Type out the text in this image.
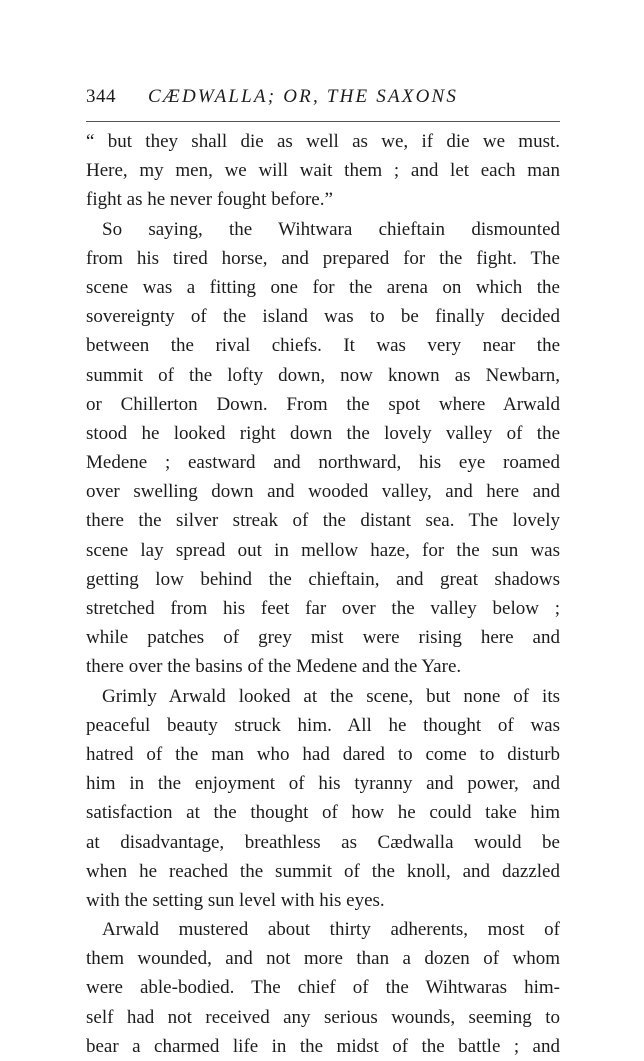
344 CÆDWALLA; OR, THE SAXONS
“ but they shall die as well as we, if die we must.
Here, my men, we will wait them ; and let each man
fight as he never fought before.”
So saying, the Wihtwara chieftain dismounted
from his tired horse, and prepared for the fight. The
scene was a fitting one for the arena on which the
sovereignty of the island was to be finally decided
between the rival chiefs. It was very near the
summit of the lofty down, now known as Newbarn,
or Chillerton Down. From the spot where Arwald
stood he looked right down the lovely valley of the
Medene ; eastward and northward, his eye roamed
over swelling down and wooded valley, and here and
there the silver streak of the distant sea. The lovely
scene lay spread out in mellow haze, for the sun was
getting low behind the chieftain, and great shadows
stretched from his feet far over the valley below ;
while patches of grey mist were rising here and
there over the basins of the Medene and the Yare.
Grimly Arwald looked at the scene, but none of its
peaceful beauty struck him. All he thought of was
hatred of the man who had dared to come to disturb
him in the enjoyment of his tyranny and power, and
satisfaction at the thought of how he could take him
at disadvantage, breathless as Cædwalla would be
when he reached the summit of the knoll, and dazzled
with the setting sun level with his eyes.
Arwald mustered about thirty adherents, most of
them wounded, and not more than a dozen of whom
were able-bodied. The chief of the Wihtwaras him-
self had not received any serious wounds, seeming to
bear a charmed life in the midst of the battle ; and
